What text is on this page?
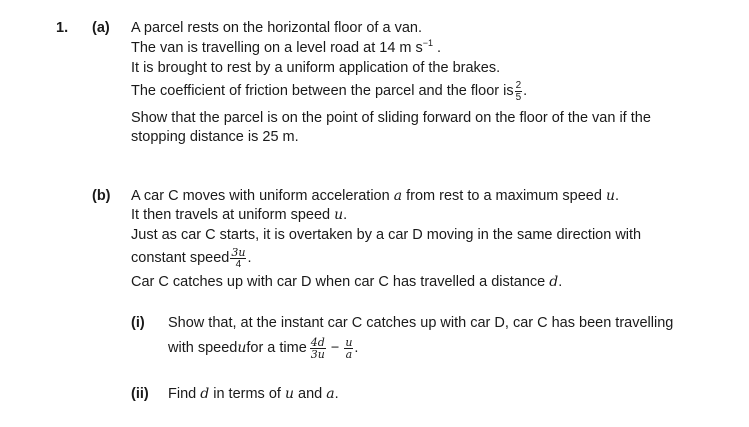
1. (a) A parcel rests on the horizontal floor of a van.
The van is travelling on a level road at 14 m $s^{-1}$ .
It is brought to rest by a uniform application of the brakes.
The coefficient of friction between the parcel and the floor is $\frac{2}{5}$ .
Show that the parcel is on the point of sliding forward on the floor of the van if the
stopping distance is 25 m.
(b) A car C moves with uniform acceleration a from rest to a maximum speed u.
It then travels at uniform speed u.
Just as car C starts, it is overtaken by a car D moving in the same direction with
constant speed $\frac{3u}{4}$ .
Car C catches up with car D when car C has travelled a distance d.
(i) Show that, at the instant car C catches up with car D, car C has been travelling
with speed u for a time $\frac{4d}{3u} - \frac{u}{a}$ .
(ii) Find d in terms of u and a.
